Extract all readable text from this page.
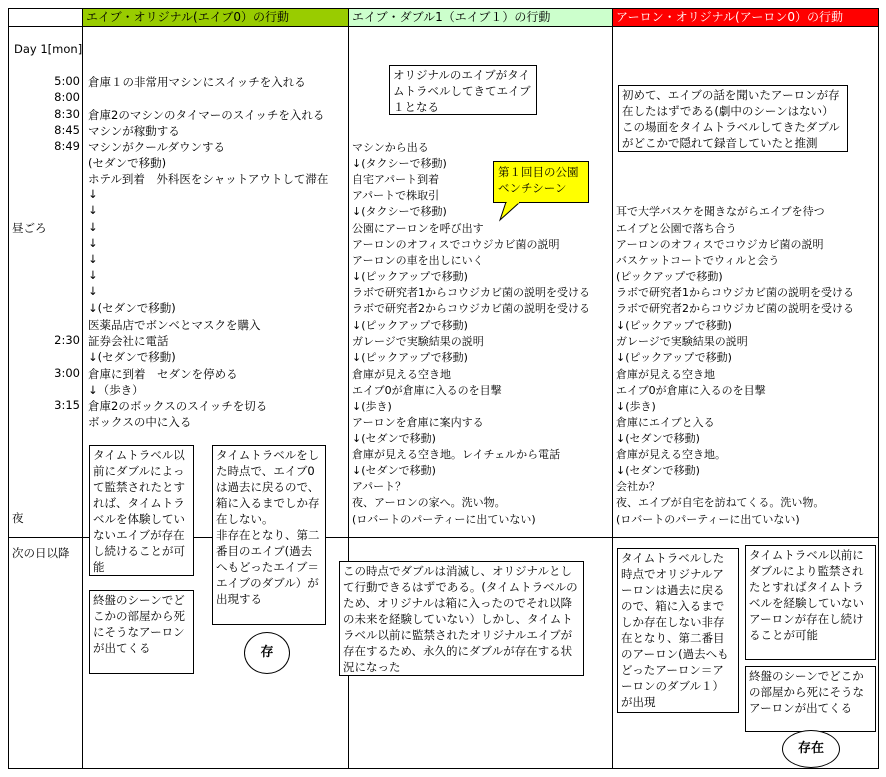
エイブ・オリジナル(エイブ0）の行動	エイブ・ダブル1（エイブ１）の行動	アーロン・オリジナル(アーロン0）の行動
Day 1[mon]
5:00
8:00
8:30
8:45
8:49
昼ごろ
2:30
3:00
3:15
夜
次の日以降
倉庫１の非常用マシンにスイッチを入れる
倉庫2のマシンのタイマーのスイッチを入れる
マシンが稼動する
マシンがクールダウンする
(セダンで移動)
ホテル到着　外科医をシャットアウトして滞在
↓
↓
↓
↓
↓
↓
↓
↓(セダンで移動)
医薬品店でボンベとマスクを購入
証券会社に電話
↓(セダンで移動)
倉庫に到着　セダンを停める
↓（歩き）
倉庫2のボックスのスイッチを切る
ボックスの中に入る
マシンから出る
↓(タクシーで移動)
自宅アパート到着
アパートで株取引
↓(タクシーで移動)
公園にアーロンを呼び出す
アーロンのオフィスでコウジカビ菌の説明
アーロンの車を出しにいく
↓(ピックアップで移動)
ラボで研究者1からコウジカビ菌の説明を受ける
ラボで研究者2からコウジカビ菌の説明を受ける
↓(ピックアップで移動)
ガレージで実験結果の説明
↓(ピックアップで移動)
倉庫が見える空き地
エイブ0が倉庫に入るのを目撃
↓(歩き)
アーロンを倉庫に案内する
↓(セダンで移動)
倉庫が見える空き地。レイチェルから電話
↓(セダンで移動)
アパート？
夜、アーロンの家へ。洗い物。
(ロバートのパーティーに出ていない)
耳で大学バスケを聞きながらエイブを待つ
エイブと公園で落ち合う
アーロンのオフィスでコウジカビ菌の説明
バスケットコートでウィルと会う
(ピックアップで移動)
ラボで研究者1からコウジカビ菌の説明を受ける
ラボで研究者2からコウジカビ菌の説明を受ける
↓(ピックアップで移動)
ガレージで実験結果の説明
↓(ピックアップで移動)
倉庫が見える空き地
エイブ0が倉庫に入るのを目撃
↓(歩き)
倉庫にエイブと入る
↓(セダンで移動)
倉庫が見える空き地。
↓(セダンで移動)
会社か？
夜、エイブが自宅を訪ねてくる。洗い物。
(ロバートのパーティーに出ていない)
オリジナルのエイブがタイムトラベルしてきてエイブ１となる
初めて、エイブの話を聞いたアーロンが存在したはずである(劇中のシーンはない）この場面をタイムトラベルしてきたダブルがどこかで隠れて録音していたと推測
第１回目の公園ベンチシーン
タイムトラベル以前にダブルによって監禁されたとすれば、タイムトラベルを体験していないエイブが存在し続けることが可能
タイムトラベルをした時点で、エイブ0は過去に戻るので、箱に入るまでしか存在しない。
非存在となり、第二番目のエイブ(過去へもどったエイブ＝エイブのダブル）が出現する
終盤のシーンでどこかの部屋から死にそうなアーロンが出てくる
この時点でダブルは消滅し、オリジナルとして行動できるはずである。(タイムトラベルのため、オリジナルは箱に入ったのでそれ以降の未来を経験していない）しかし、タイムトラベル以前に監禁されたオリジナルエイブが存在するため、永久的にダブルが存在する状況になった
タイムトラベルした時点でオリジナルアーロンは過去に戻るので、箱に入るまでしか存在しない非存在となり、第二番目のアーロン(過去へもどったアーロン＝アーロンのダブル１）が出現
タイムトラベル以前にダブルにより監禁されたとすればタイムトラベルを経験していないアーロンが存在し続けることが可能
終盤のシーンでどこかの部屋から死にそうなアーロンが出てくる
存
存在
